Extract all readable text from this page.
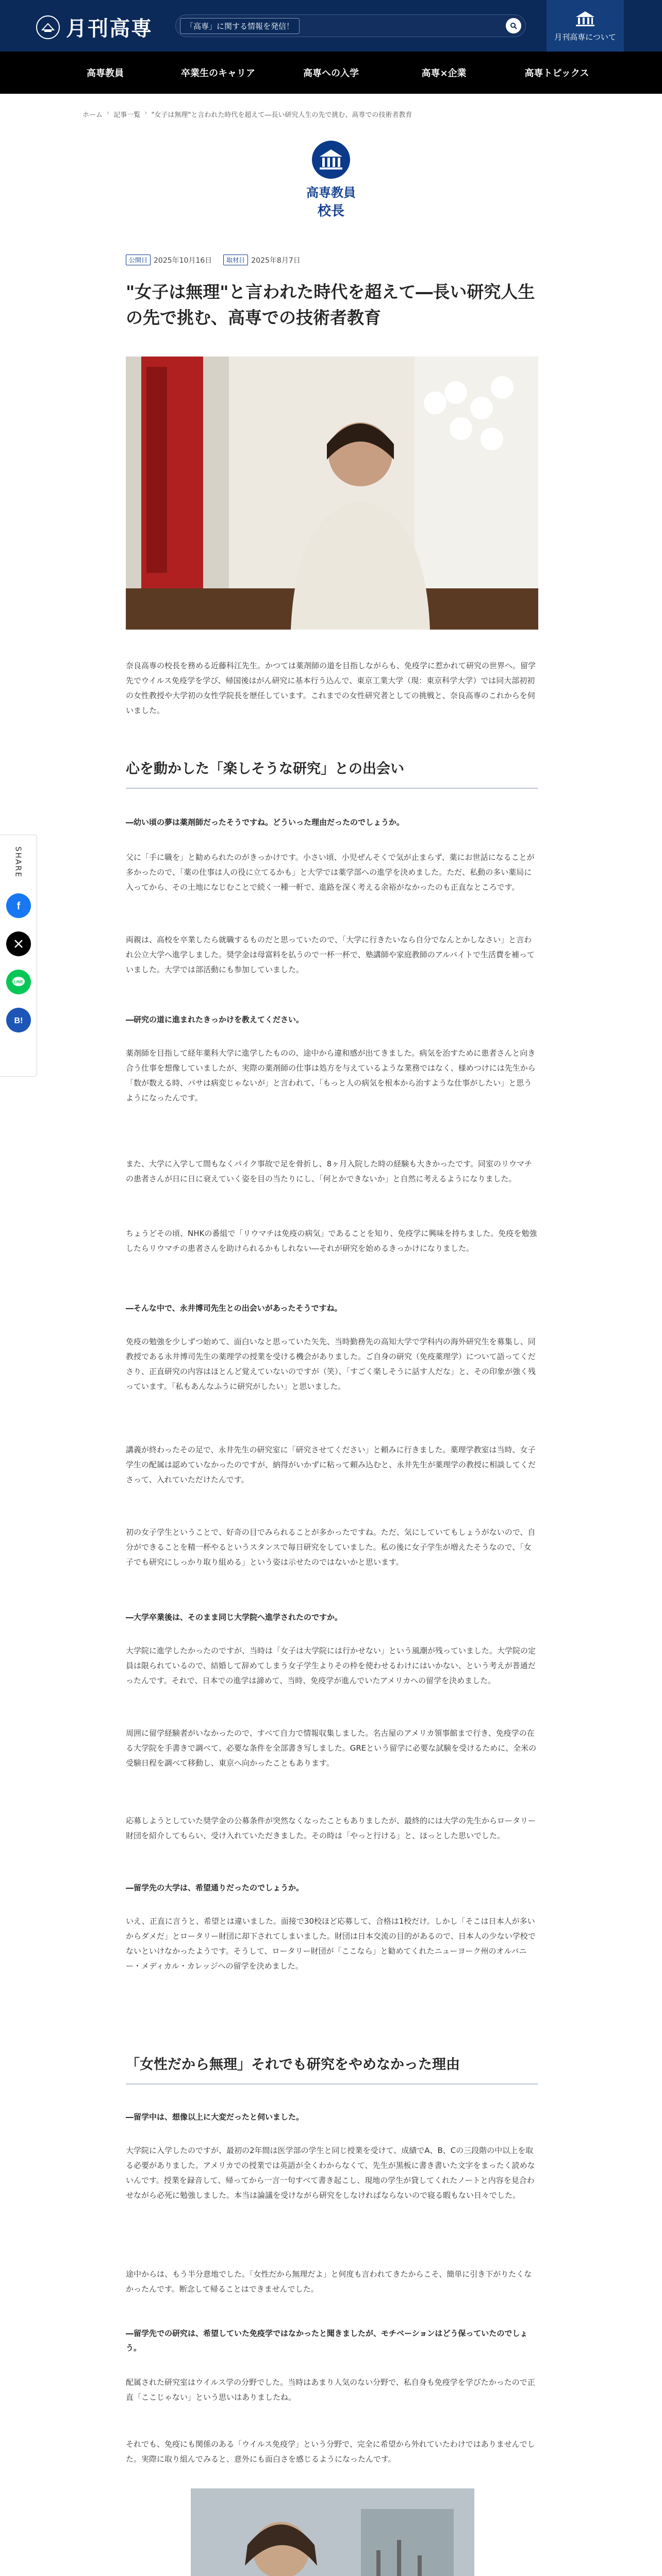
月刊高専	「高専」に関する情報を発信！
月刊高専について
高専教員	卒業生のキャリア	高専への入学	高専×企業	高専トピックス
ホーム › 記事一覧 › "女子は無理"と言われた時代を超えて―長い研究人生の先で挑む、高専での技術者教育
高専教員
校長
公開日 2025年10月16日	取材日 2025年8月7日
"女子は無理"と言われた時代を超えて―長い研究人生の先で挑む、高専での技術者教育

奈良高専の校長を務める近藤科江先生。かつては薬剤師の道を目指しながらも、免疫学に惹かれて研究の世界へ。留学先でウイルス免疫学を学び、帰国後はがん研究に基本行う込んで、東京工業大学（現：東京科学大学）では同大部初初の女性教授や大学初の女性学院長を歴任しています。これまでの女性研究者としての挑戦と、奈良高専のこれからを伺いました。

心を動かした「楽しそうな研究」との出会い

―幼い頃の夢は薬剤師だったそうですね。どういった理由だったのでしょうか。

父に「手に職を」と勧められたのがきっかけです。小さい頃、小児ぜんそくで気が止まらず、薬にお世話になることが多かったので、「薬の仕事は人の役に立てるかも」と大学では薬学部への進学を決めました。ただ、私動の多い薬局に入ってから、その土地になじむことで続く一種一軒で、進路を深く考える余裕がなかったのも正直なところです。

両親は、高校を卒業したら就職するものだと思っていたので、「大学に行きたいなら自分でなんとかしなさい」と言われ公立大学へ進学しました。奨学金は母富料を払うので一杯一杯で、塾講師や家庭教師のアルバイトで生活費を補っていました。大学では部活動にも参加していました。

―研究の道に進まれたきっかけを教えてください。

薬剤師を目指して経年薬科大学に進学したものの、途中から違和感が出てきました。病気を治すために患者さんと向き合う仕事を想像していましたが、実際の薬剤師の仕事は処方を与えているような業務ではなく、様めつけには先生から「数が数える時、パサは病変じゃないが」と言われて、「もっと人の病気を根本から治すような仕事がしたい」と思うようになったんです。

また、大学に入学して間もなくパイク事故で足を骨折し、8ヶ月入院した時の経験も大きかったです。同室のリウマチの患者さんが日に日に衰えていく姿を目の当たりにし、「何とかできないか」と自然に考えるようになりました。

ちょうどその頃、NHKの番組で「リウマチは免疫の病気」であることを知り、免疫学に興味を持ちました。免疫を勉強したらリウマチの患者さんを助けられるかもしれない―それが研究を始めるきっかけになりました。

―そんな中で、永井博司先生との出会いがあったそうですね。

免疫の勉強を少しずつ始めて、面白いなと思っていた矢先、当時勤務先の高知大学で学科内の海外研究生を募集し、同教授である永井博司先生の薬理学の授業を受ける機会がありました。ご自身の研究（免疫薬理学）について語ってくださり、正直研究の内容はほとんど覚えていないのですが（笑）、「すごく楽しそうに話す人だな」と、その印象が強く残っています。「私もあんなふうに研究がしたい」と思いました。

講義が終わったその足で、永井先生の研究室に「研究させてください」と頼みに行きました。薬理学教室は当時、女子学生の配属は認めていなかったのですが、納得がいかずに粘って頼み込むと、永井先生が薬理学の教授に相談してくださって、入れていただけたんです。

初の女子学生ということで、好奇の目でみられることが多かったですね。ただ、気にしていてもしょうがないので、自分ができることを精一杯やるというスタンスで毎日研究をしていました。私の後に女子学生が増えたそうなので、「女子でも研究にしっかり取り組める」という姿は示せたのではないかと思います。

―大学卒業後は、そのまま同じ大学院へ進学されたのですか。

大学院に進学したかったのですが、当時は「女子は大学院には行かせない」という風潮が残っていました。大学院の定員は限られているので、結婚して辞めてしまう女子学生よりその枠を使わせるわけにはいかない、という考えが普通だったんです。それで、日本での進学は諦めて、当時、免疫学が進んでいたアメリカへの留学を決めました。

周囲に留学経験者がいなかったので、すべて自力で情報収集しました。名古屋のアメリカ領事館まで行き、免疫学の在る大学院を手書きで調べて、必要な条件を全部書き写しました。GREという留学に必要な試験を受けるために、全米の受験日程を調べて移動し、東京へ向かったこともあります。

応募しようとしていた奨学金の公募条件が突然なくなったこともありましたが、最終的には大学の先生からロータリー財団を紹介してもらい、受け入れていただきました。その時は「やっと行ける」と、ほっとした思いでした。

―留学先の大学は、希望通りだったのでしょうか。

いえ、正直に言うと、希望とは違いました。面接で30校ほど応募して、合格は1校だけ。しかし「そこは日本人が多いからダメだ」とロータリー財団に却下されてしまいました。財団は日本交流の目的があるので、日本人の少ない学校でないといけなかったようです。そうして、ロータリー財団が「ここなら」と勧めてくれたニューヨーク州のオルバニー・メディカル・カレッジへの留学を決めました。

「女性だから無理」それでも研究をやめなかった理由

―留学中は、想像以上に大変だったと伺いました。

大学院に入学したのですが、最初の2年間は医学部の学生と同じ授業を受けて、成績でA、B、Cの三段階の中以上を取る必要がありました。アメリカでの授業では英語が全くわからなくて、先生が黒板に書き書いた文字をまったく読めないんです。授業を録音して、帰ってから一言一句すべて書き起こし、現地の学生が貸してくれたノートと内容を見合わせながら必死に勉強しました。本当は論議を受けながら研究をしなければならないので寝る暇もない日々でした。

途中からは、もう半分意地でした。「女性だから無理だよ」と何度も言われてきたからこそ、簡単に引き下がりたくなかったんです。断念して帰ることはできませんでした。

―留学先での研究は、希望していた免疫学ではなかったと聞きましたが、モチベーションはどう保っていたのでしょう。

配属された研究室はウイルス学の分野でした。当時はあまり人気のない分野で、私自身も免疫学を学びたかったので正直「ここじゃない」という思いはありましたね。

それでも、免疫にも関係のある「ウイルス免疫学」という分野で、完全に希望から外れていたわけではありませんでした。実際に取り組んでみると、意外にも面白さを感じるようになったんです。

SHARE
f
LINE
B!
